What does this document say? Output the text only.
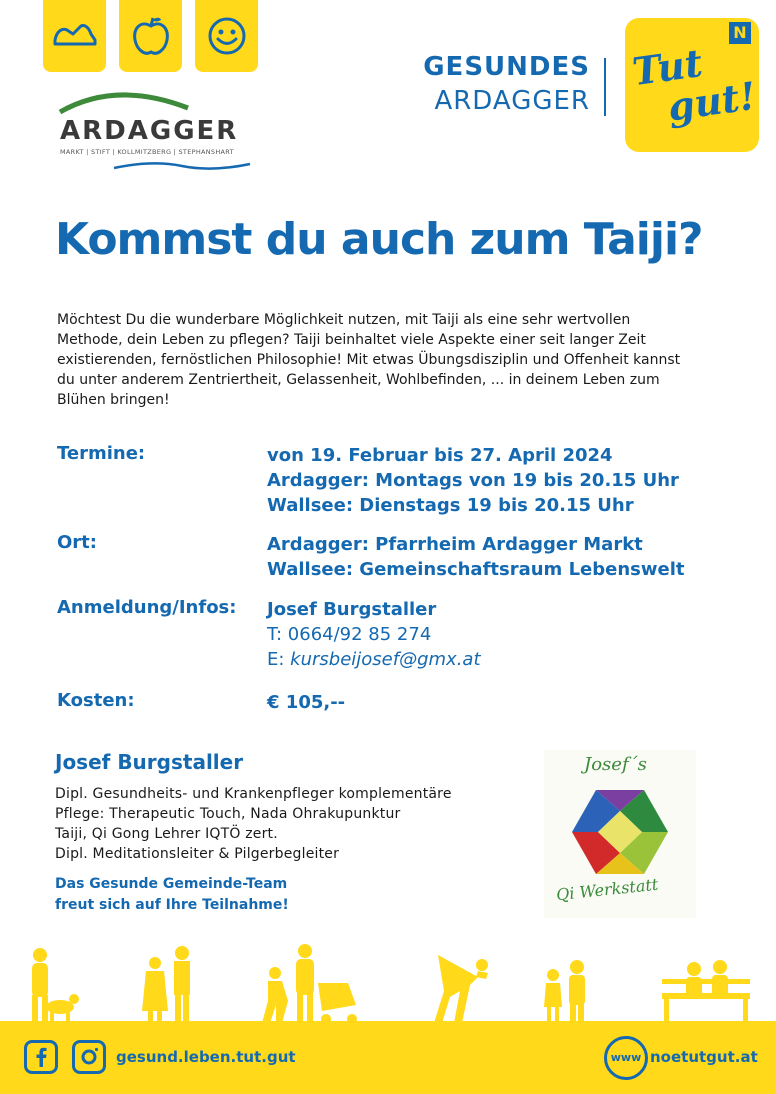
ARDAGGER
MARKT | STIFT | KOLLMITZBERG | STEPHANSHART
GESUNDES
ARDAGGER
N
Tut
gut!
Kommst du auch zum Taiji?
Möchtest Du die wunderbare Möglichkeit nutzen, mit Taiji als eine sehr wertvollen Methode, dein Leben zu pflegen? Taiji beinhaltet viele Aspekte einer seit langer Zeit existierenden, fernöstlichen Philosophie! Mit etwas Übungsdisziplin und Offenheit kannst du unter anderem Zentriertheit, Gelassenheit, Wohlbefinden, ... in deinem Leben zum Blühen bringen!
Termine:	von 19. Februar bis 27. April 2024
Ardagger: Montags von 19 bis 20.15 Uhr
Wallsee: Dienstags 19 bis 20.15 Uhr
Ort:	Ardagger: Pfarrheim Ardagger Markt
Wallsee: Gemeinschaftsraum Lebenswelt
Anmeldung/Infos: Josef Burgstaller
T: 0664/92 85 274
E: kursbeijosef@gmx.at
Kosten:	€ 105,--
Josef Burgstaller
Dipl. Gesundheits- und Krankenpfleger komplementäre
Pflege: Therapeutic Touch, Nada Ohrakupunktur
Taiji, Qi Gong Lehrer IQTÖ zert.
Dipl. Meditationsleiter & Pilgerbegleiter
Das Gesunde Gemeinde-Team
freut sich auf Ihre Teilnahme!
Josef´s
Qi Werkstatt
gesund.leben.tut.gut	www noetutgut.at
